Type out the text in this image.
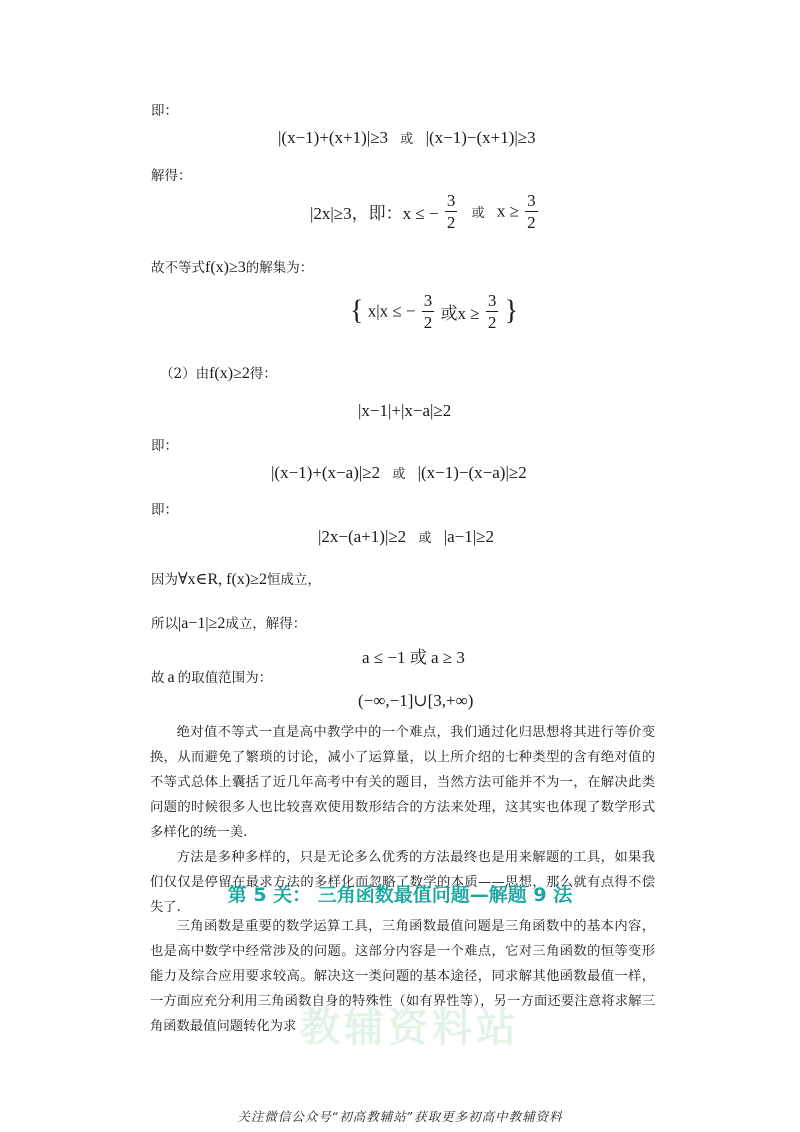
即：
|(x−1)+(x+1)|≥3 或 |(x−1)−(x+1)|≥3
解得：
|2x|≥3，即：x ≤ − $\frac{3}{2}$ 或 $x \ge \frac{3}{2}$
故不等式f(x)≥3的解集为：
{ x|x ≤ − $\frac{3}{2}$ 或$x \ge \frac{3}{2}$ }
（2）由f(x)≥2得：
|x−1|+|x−a|≥2
即：
|(x−1)+(x−a)|≥2 或 |(x−1)−(x−a)|≥2
即：
|2x−(a+1)|≥2 或 |a−1|≥2
因为∀x∈R, f(x)≥2恒成立，
所以|a−1|≥2成立，解得：
a ≤ −1 或 a ≥ 3
故 a 的取值范围为：
(−∞,−1]∪[3,+∞)

绝对值不等式一直是高中教学中的一个难点，我们通过化归思想将其进行等价变换，从而避免了繁琐的讨论，减小了运算量，以上所介绍的七种类型的含有绝对值的不等式总体上囊括了近几年高考中有关的题目，当然方法可能并不为一，在解决此类问题的时候很多人也比较喜欢使用数形结合的方法来处理，这其实也体现了数学形式多样化的统一美.

方法是多种多样的，只是无论多么优秀的方法最终也是用来解题的工具，如果我们仅仅是停留在最求方法的多样化而忽略了数学的本质——思想，那么就有点得不偿失了.

第 5 关： 三角函数最值问题—解题 9 法

三角函数是重要的数学运算工具，三角函数最值问题是三角函数中的基本内容，也是高中数学中经常涉及的问题。这部分内容是一个难点，它对三角函数的恒等变形能力及综合应用要求较高。解决这一类问题的基本途径，同求解其他函数最值一样，一方面应充分利用三角函数自身的特殊性（如有界性等），另一方面还要注意将求解三角函数最值问题转化为求 教辅资料站
关注微信公众号“初高教辅站”获取更多初高中教辅资料
